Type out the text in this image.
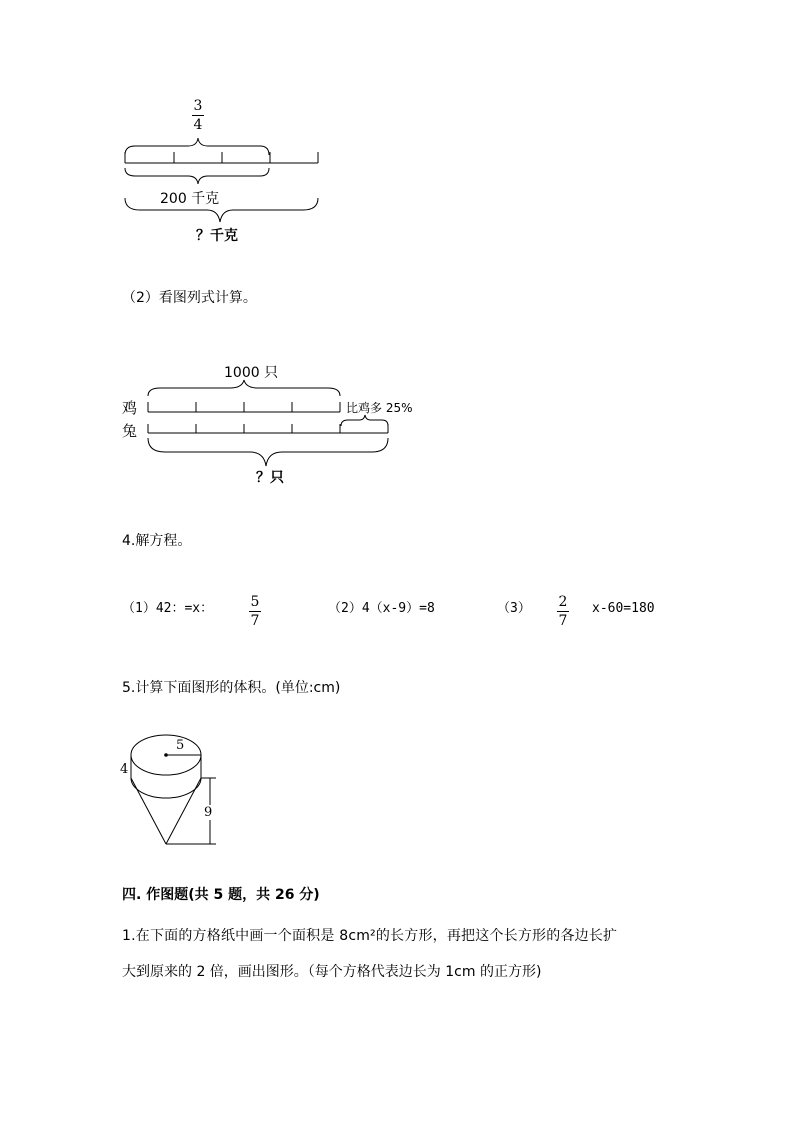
3
4
200 千克
？千克
（2）看图列式计算。
1000 只
鸡
兔
比鸡多 25%
？只
4.解方程。
（1）42：=x：	5
7
（2）4（x-9）=8	（3） 2
7
x-60=180
5.计算下面图形的体积。(单位:cm)
5
4
9
四. 作图题(共 5 题，共 26 分)
1.在下面的方格纸中画一个面积是 8cm²的长方形，再把这个长方形的各边长扩
大到原来的 2 倍，画出图形。（每个方格代表边长为 1cm 的正方形)
